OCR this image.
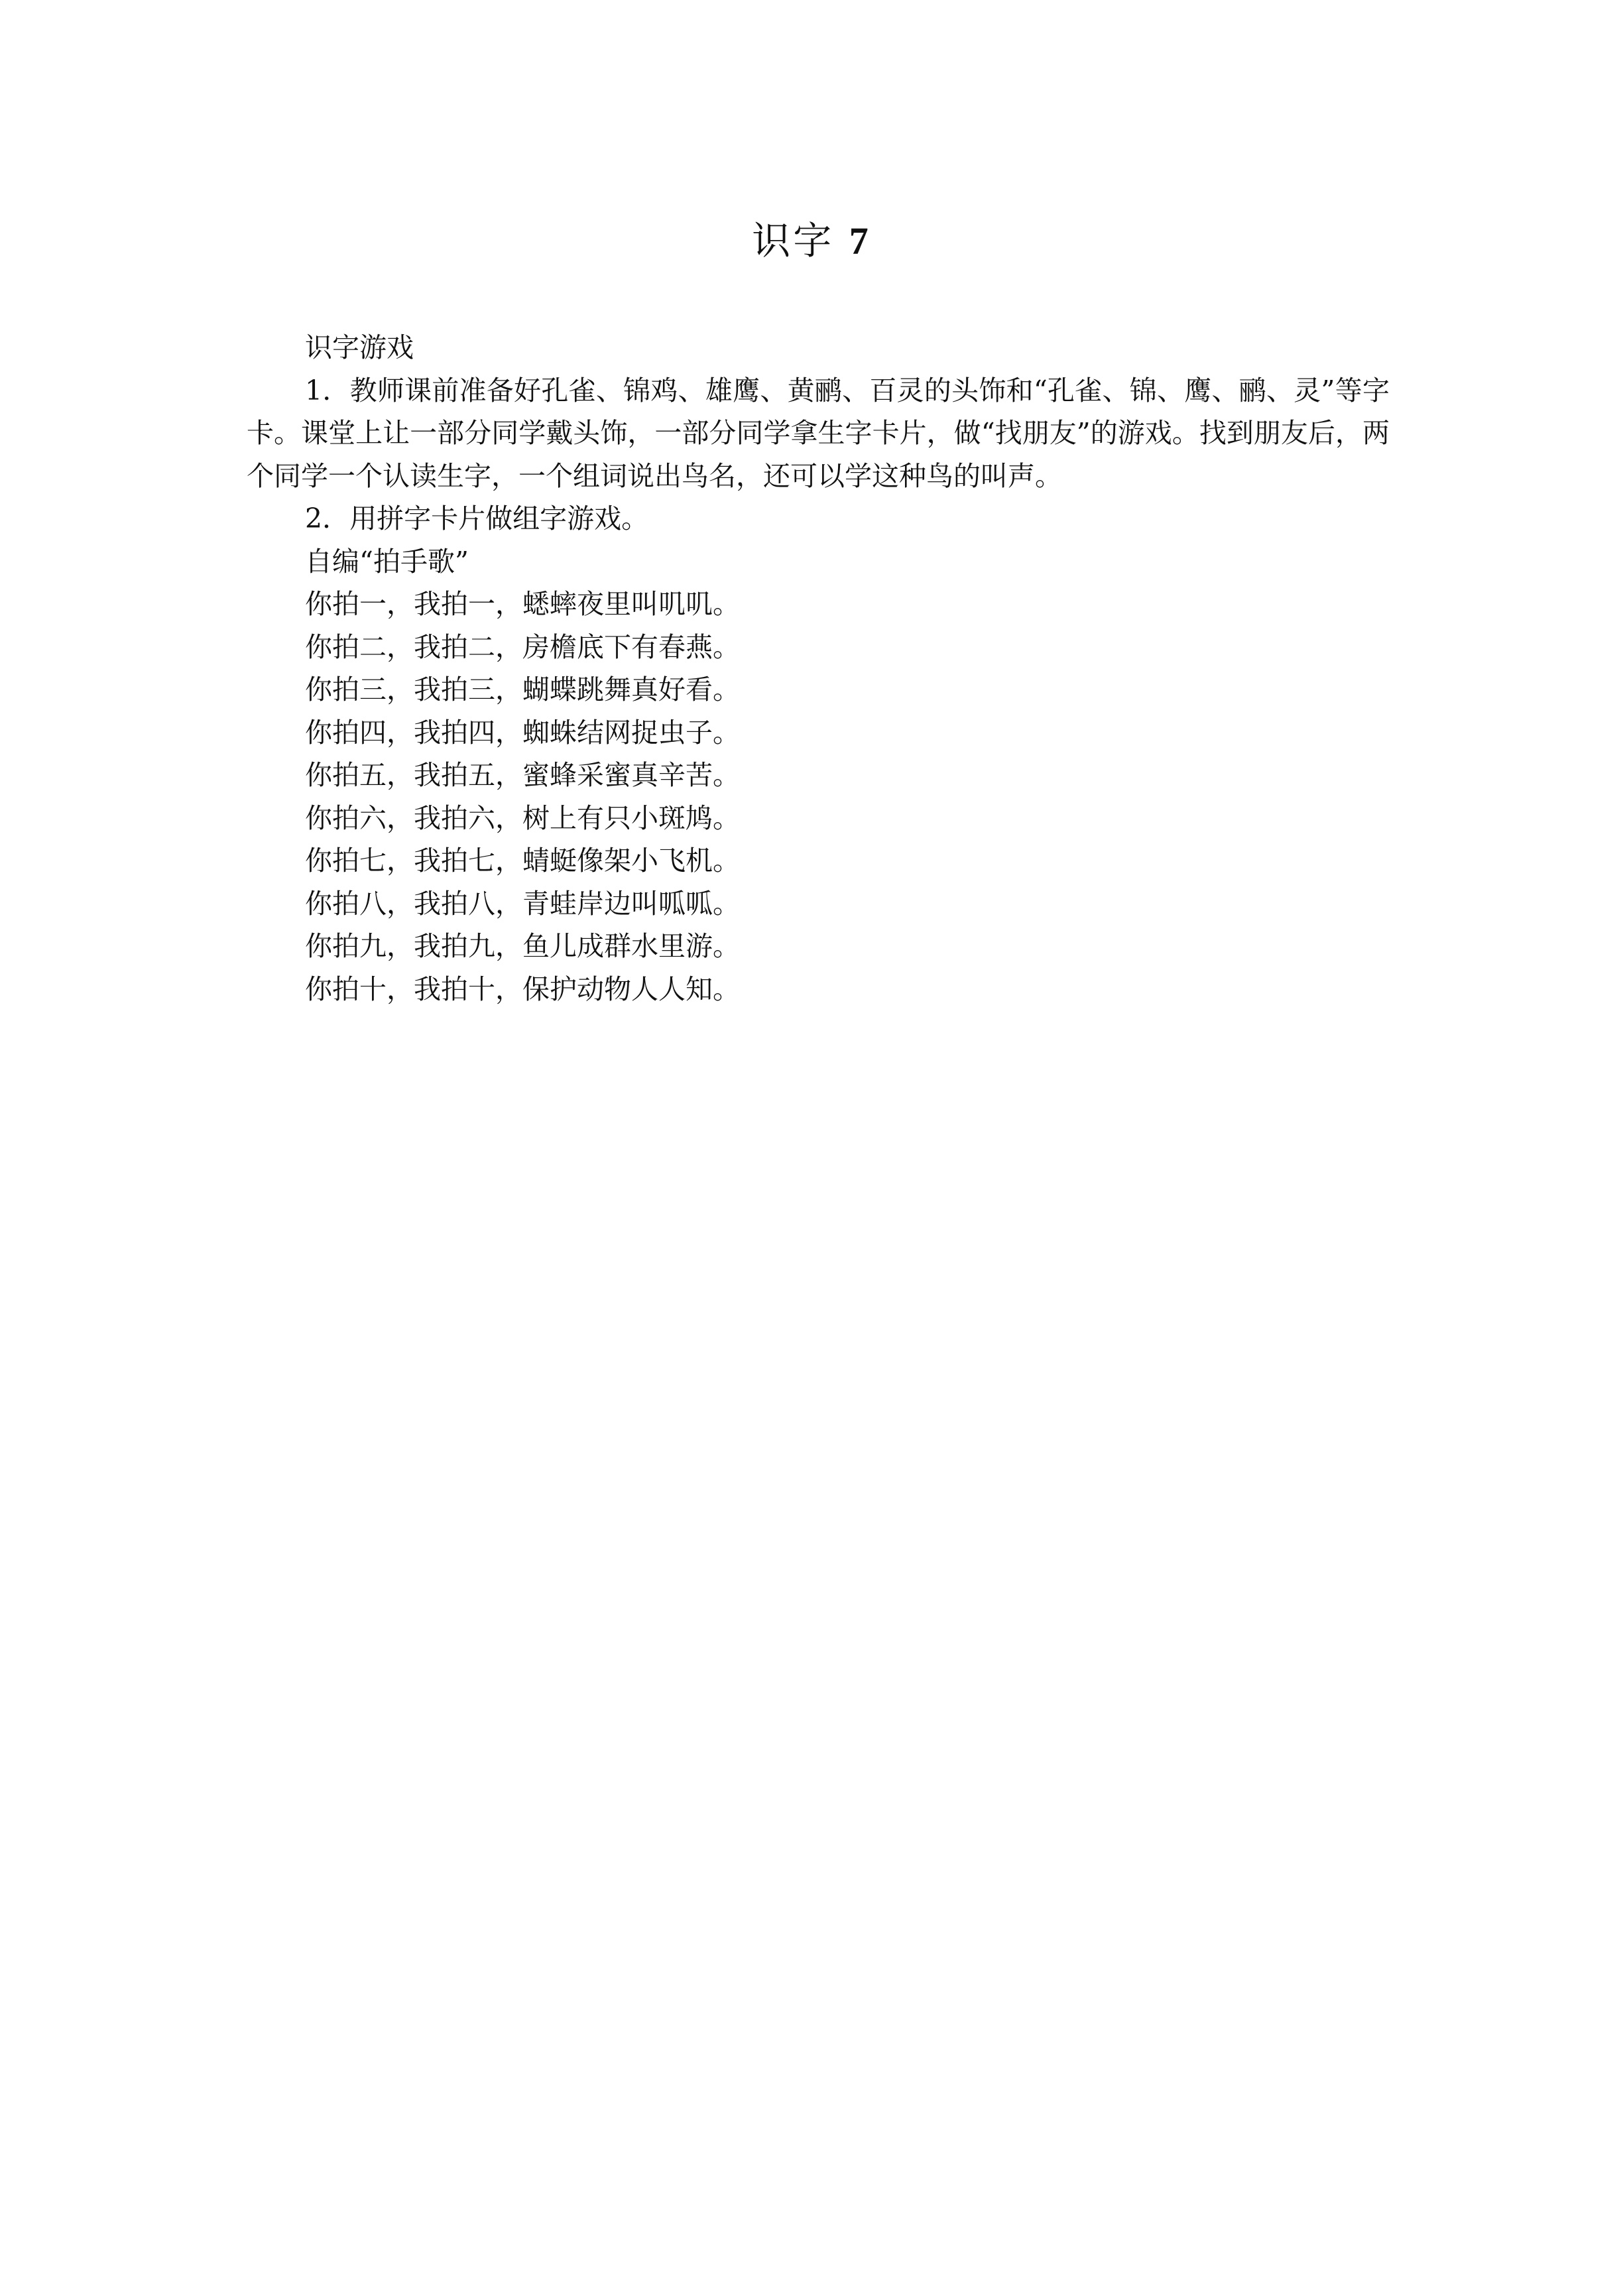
识字 7

识字游戏

1．教师课前准备好孔雀、锦鸡、雄鹰、黄鹂、百灵的头饰和“孔雀、锦、鹰、鹂、灵”等字卡。课堂上让一部分同学戴头饰，一部分同学拿生字卡片，做“找朋友”的游戏。找到朋友后，两个同学一个认读生字，一个组词说出鸟名，还可以学这种鸟的叫声。

2．用拼字卡片做组字游戏。

自编“拍手歌”

你拍一，我拍一，蟋蟀夜里叫叽叽。

你拍二，我拍二，房檐底下有春燕。

你拍三，我拍三，蝴蝶跳舞真好看。

你拍四，我拍四，蜘蛛结网捉虫子。

你拍五，我拍五，蜜蜂采蜜真辛苦。

你拍六，我拍六，树上有只小斑鸠。

你拍七，我拍七，蜻蜓像架小飞机。

你拍八，我拍八，青蛙岸边叫呱呱。

你拍九，我拍九，鱼儿成群水里游。

你拍十，我拍十，保护动物人人知。
